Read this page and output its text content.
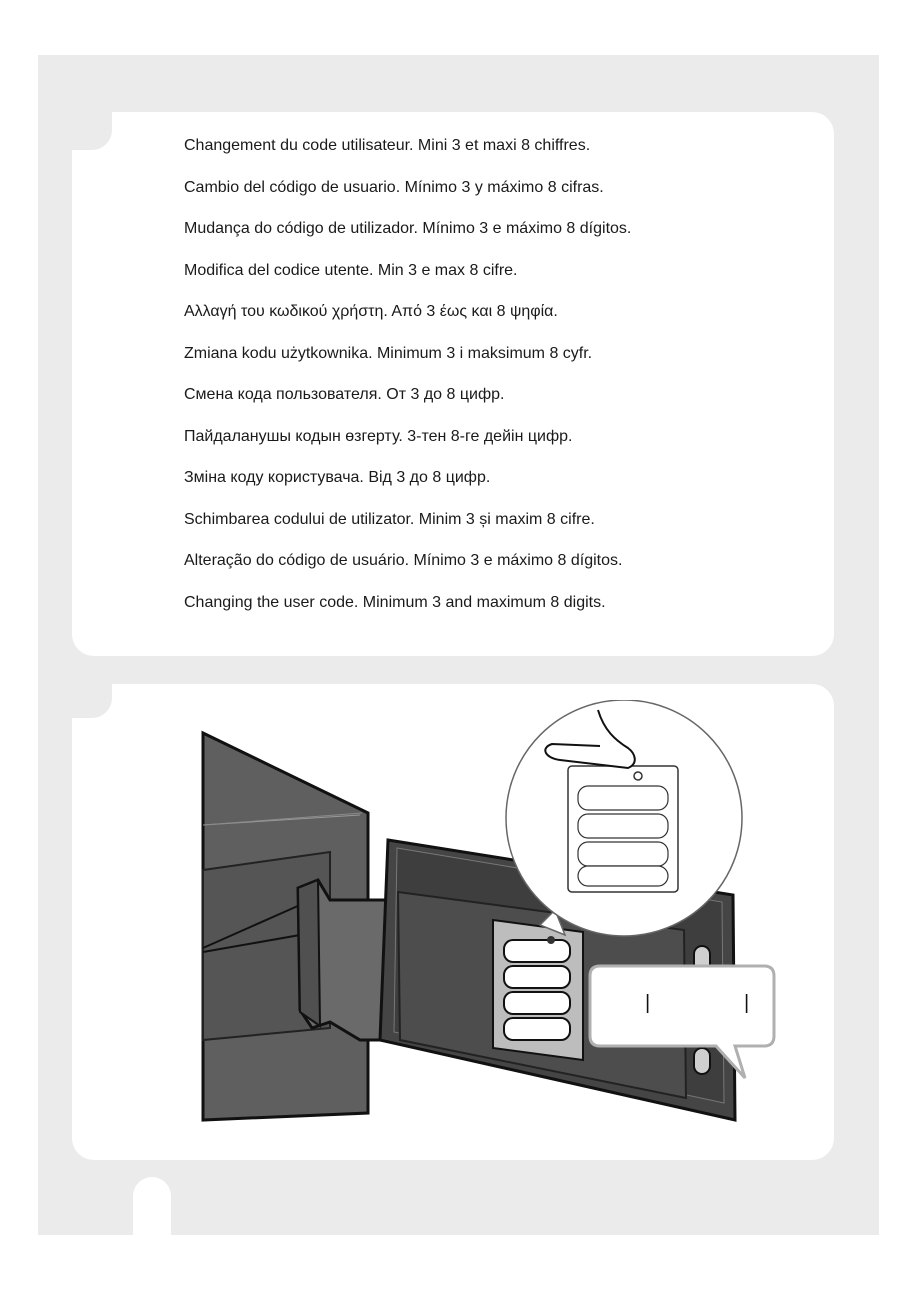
Changement du code utilisateur. Mini 3 et maxi 8 chiffres.
Cambio del código de usuario. Mínimo 3 y máximo 8 cifras.
Mudança do código de utilizador. Mínimo 3 e máximo 8 dígitos.
Modifica del codice utente. Min 3 e max 8 cifre.
Αλλαγή του κωδικού χρήστη. Από 3 έως και 8 ψηφία.
Zmiana kodu użytkownika. Minimum 3 i maksimum 8 cyfr.
Смена кода пользователя. От 3 до 8 цифр.
Пайдаланушы кодын өзгерту. 3-тен 8-ге дейін цифр.
Зміна коду користувача. Від 3 до 8 цифр.
Schimbarea codului de utilizator. Minim 3 și maxim 8 cifre.
Alteração do código de usuário. Mínimo 3 e máximo 8 dígitos.
Changing the user code. Minimum 3 and maximum 8 digits.
|	|
